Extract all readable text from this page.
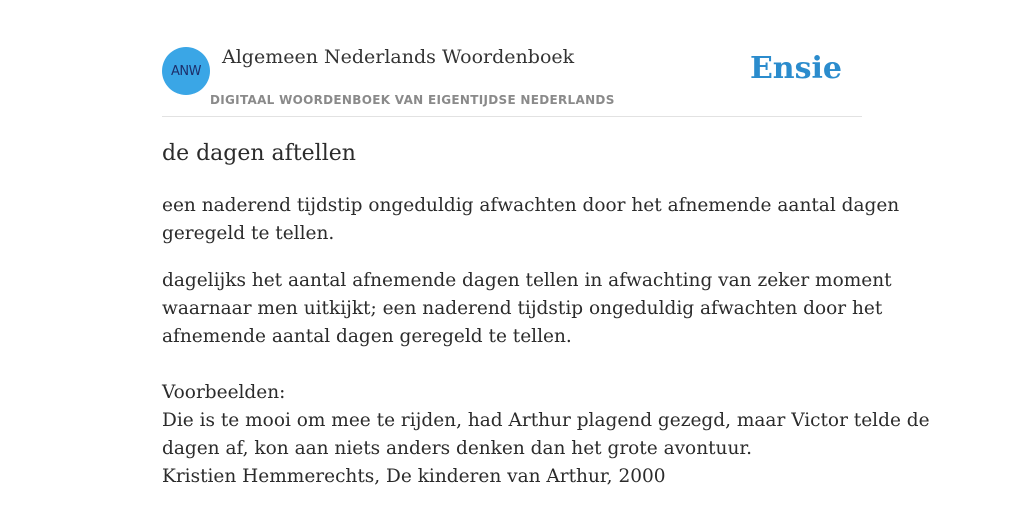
ANW
Algemeen Nederlands Woordenboek
DIGITAAL WOORDENBOEK VAN EIGENTIJDSE NEDERLANDS
Ensie
de dagen aftellen
een naderend tijdstip ongeduldig afwachten door het afnemende aantal dagen
geregeld te tellen.
dagelijks het aantal afnemende dagen tellen in afwachting van zeker moment
waarnaar men uitkijkt; een naderend tijdstip ongeduldig afwachten door het
afnemende aantal dagen geregeld te tellen.
Voorbeelden:
Die is te mooi om mee te rijden, had Arthur plagend gezegd, maar Victor telde de
dagen af, kon aan niets anders denken dan het grote avontuur.
Kristien Hemmerechts, De kinderen van Arthur, 2000
